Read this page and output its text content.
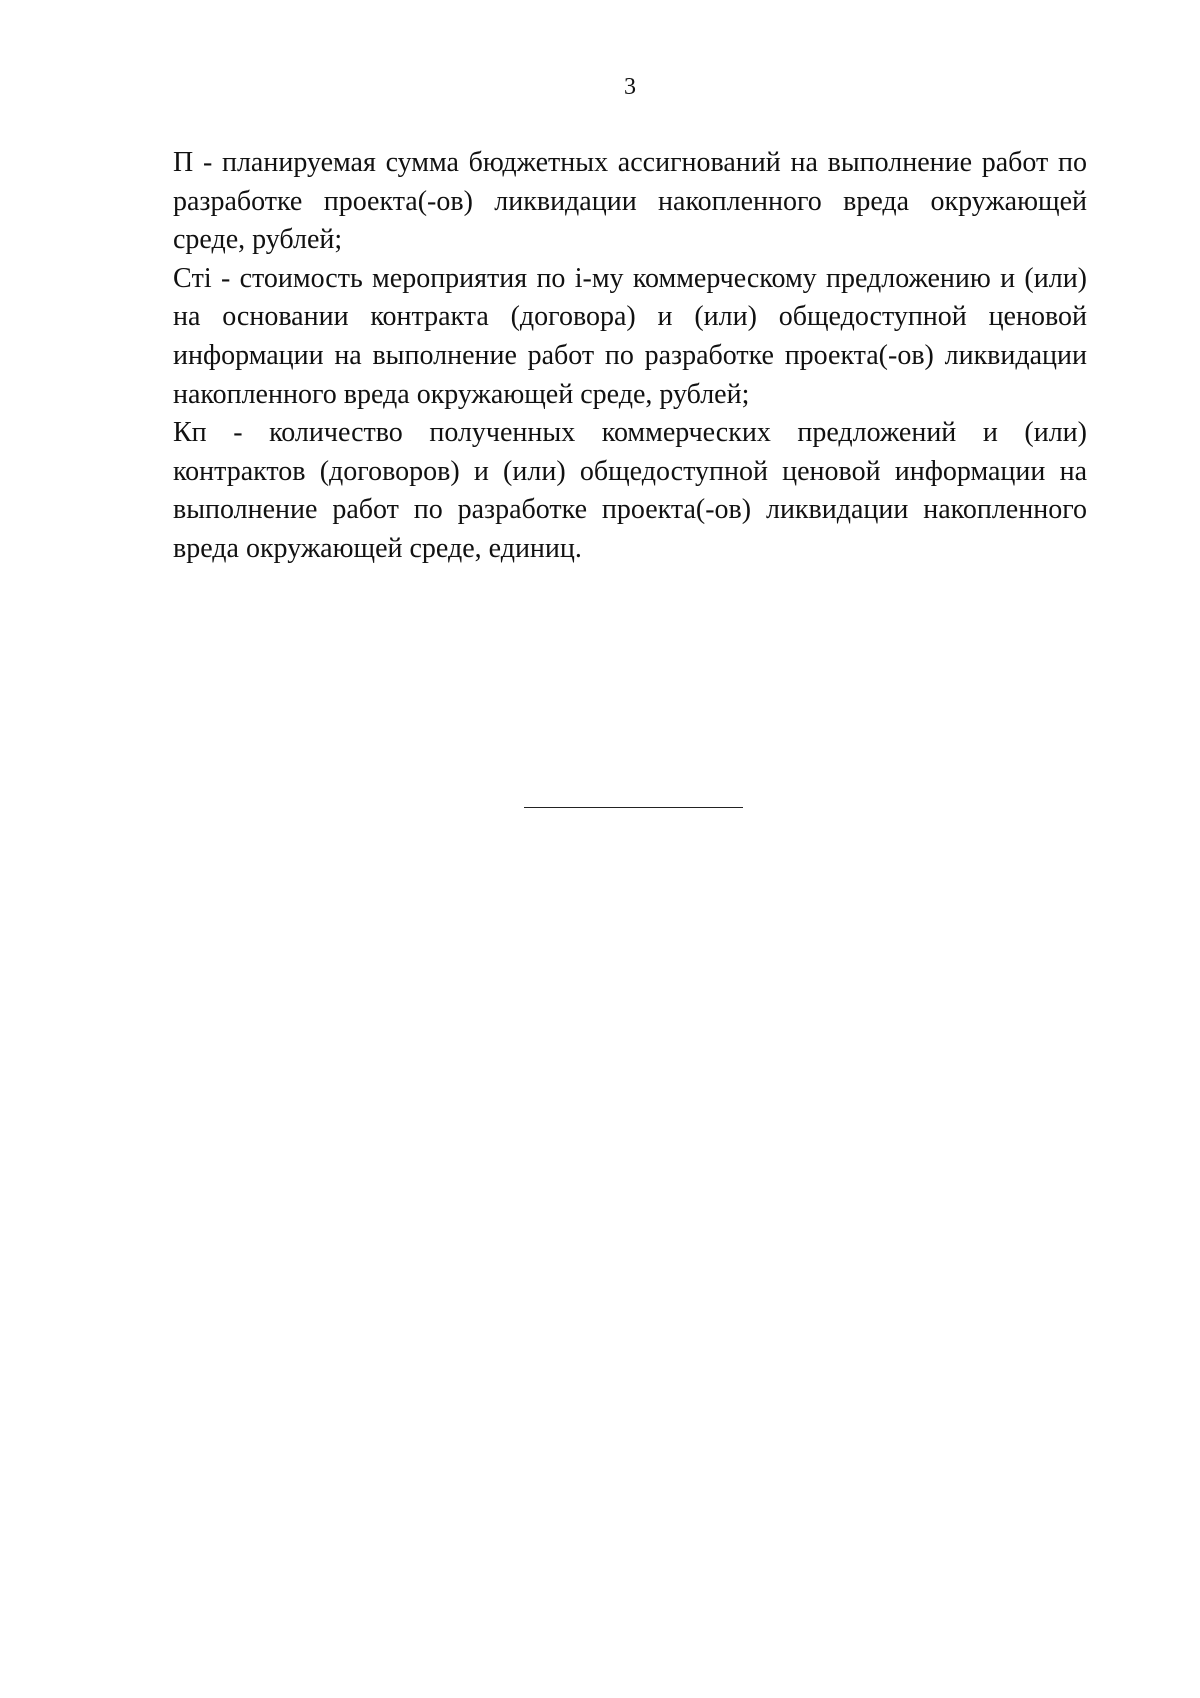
3

П - планируемая сумма бюджетных ассигнований на выполнение работ по разработке проекта(-ов) ликвидации накопленного вреда окружающей среде, рублей;

Cтi - стоимость мероприятия по i-му коммерческому предложению и (или) на основании контракта (договора) и (или) общедоступной ценовой информации на выполнение работ по разработке проекта(-ов) ликвидации накопленного вреда окружающей среде, рублей;

Кп - количество полученных коммерческих предложений и (или) контрактов (договоров) и (или) общедоступной ценовой информации на выполнение работ по разработке проекта(-ов) ликвидации накопленного вреда окружающей среде, единиц.
